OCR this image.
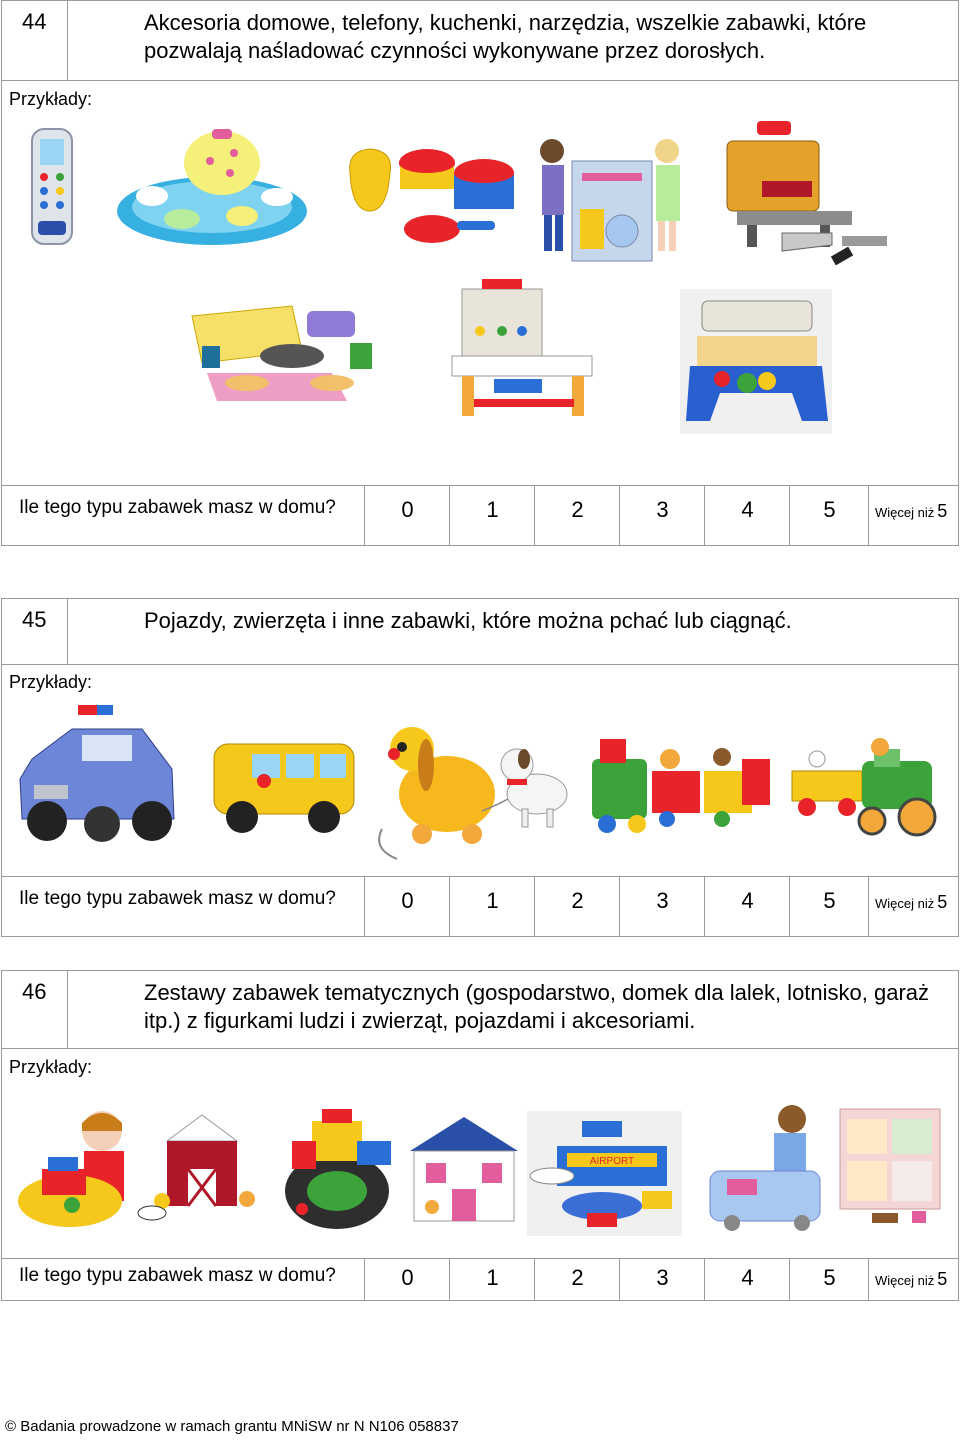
44	Akcesoria domowe, telefony, kuchenki, narzędzia, wszelkie zabawki, które pozwalają naśladować czynności wykonywane przez dorosłych.
Przykłady:
Ile tego typu zabawek masz w domu?	0	1	2	3	4	5	Więcej niż 5
45	Pojazdy, zwierzęta i inne zabawki, które można pchać lub ciągnąć.
Przykłady:
Ile tego typu zabawek masz w domu?	0	1	2	3	4	5	Więcej niż 5
46	Zestawy zabawek tematycznych (gospodarstwo, domek dla lalek, lotnisko, garaż itp.) z figurkami ludzi i zwierząt, pojazdami i akcesoriami.
Przykłady:
AIRPORT
Ile tego typu zabawek masz w domu?	0	1	2	3	4	5	Więcej niż 5
© Badania prowadzone w ramach grantu MNiSW nr N N106 058837
